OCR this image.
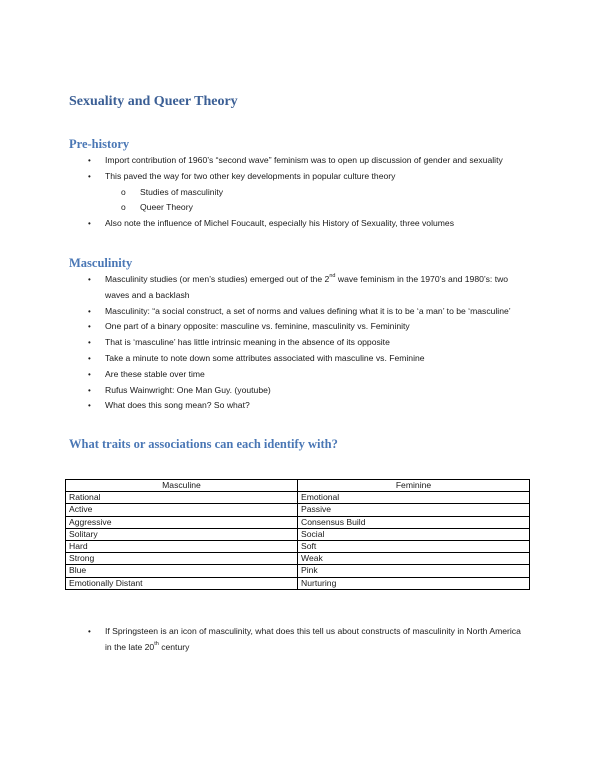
Sexuality and Queer Theory
Pre-history
• Import contribution of 1960’s “second wave” feminism was to open up discussion of gender and sexuality
• This paved the way for two other key developments in popular culture theory
o Studies of masculinity
o Queer Theory
• Also note the influence of Michel Foucault, especially his History of Sexuality, three volumes
Masculinity
• Masculinity studies (or men’s studies) emerged out of the 2nd wave feminism in the 1970’s and 1980’s: two waves and a backlash
• Masculinity: “a social construct, a set of norms and values defining what it is to be ‘a man’ to be ‘masculine’
• One part of a binary opposite: masculine vs. feminine, masculinity vs. Femininity
• That is ‘masculine’ has little intrinsic meaning in the absence of its opposite
• Take a minute to note down some attributes associated with masculine vs. Feminine
• Are these stable over time
• Rufus Wainwright: One Man Guy. (youtube)
• What does this song mean? So what?
What traits or associations can each identify with?
Masculine	Feminine
Rational	Emotional
Active	Passive
Aggressive	Consensus Build
Solitary	Social
Hard	Soft
Strong	Weak
Blue	Pink
Emotionally Distant	Nurturing
• If Springsteen is an icon of masculinity, what does this tell us about constructs of masculinity in North America in the late 20th century
